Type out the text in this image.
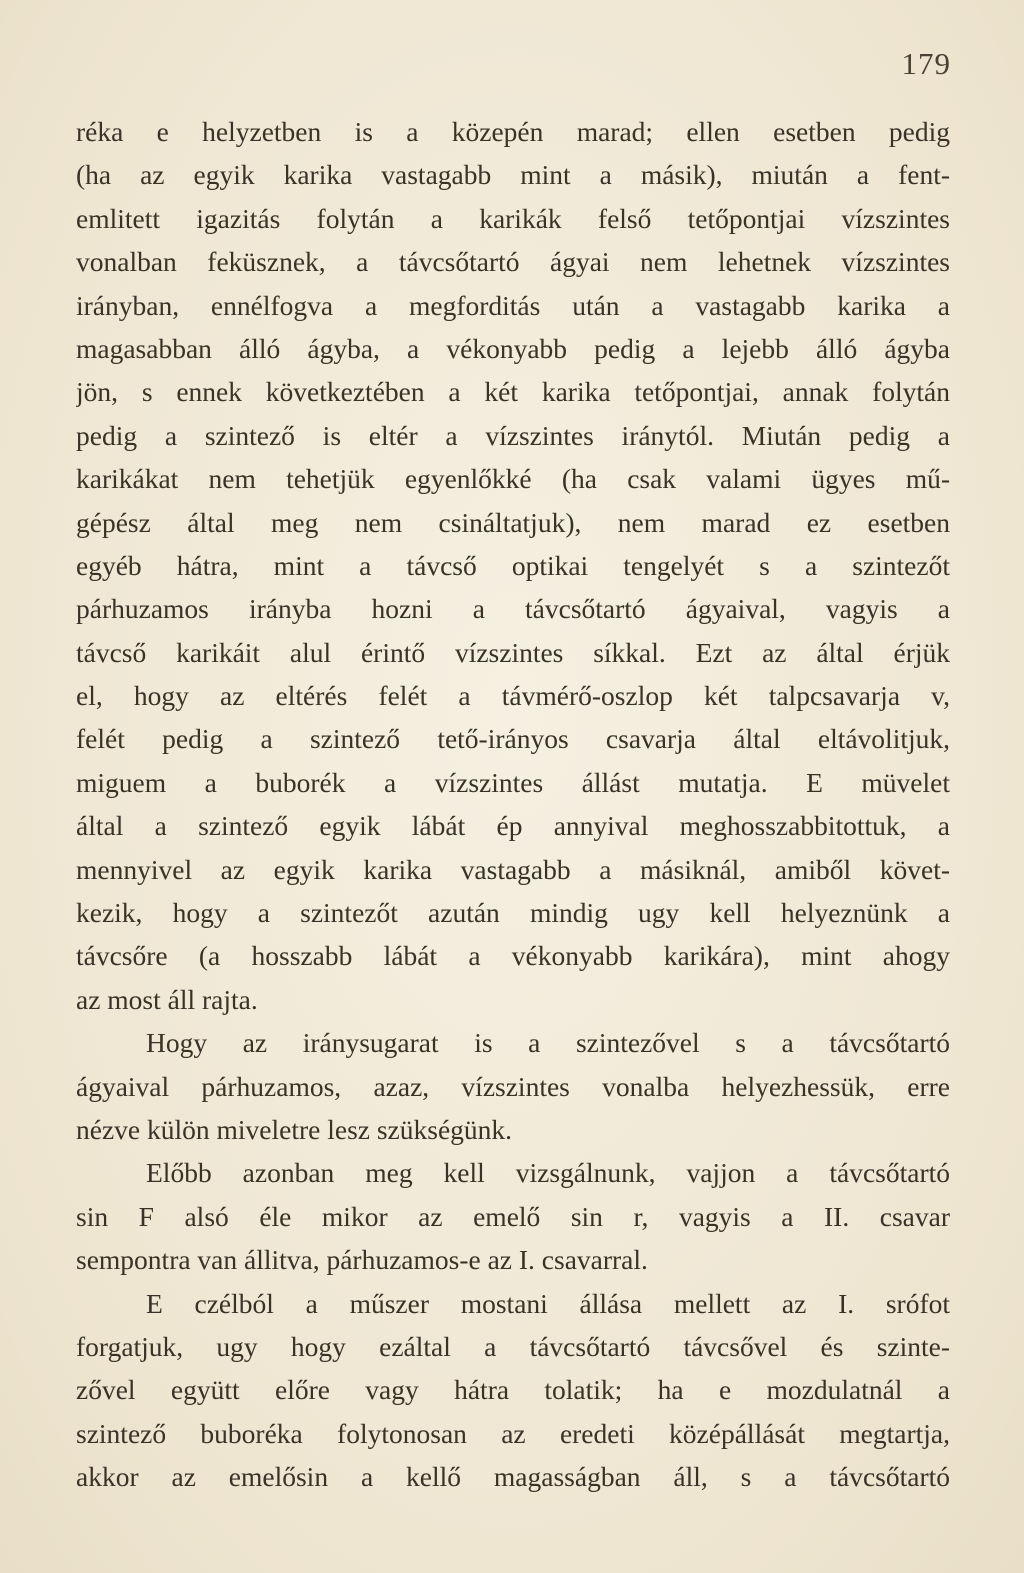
179
réka e helyzetben is a közepén marad; ellen esetben pedig
(ha az egyik karika vastagabb mint a másik), miután a fent-
emlitett igazitás folytán a karikák felső tetőpontjai vízszintes
vonalban feküsznek, a távcsőtartó ágyai nem lehetnek vízszintes
irányban, ennélfogva a megforditás után a vastagabb karika a
magasabban álló ágyba, a vékonyabb pedig a lejebb álló ágyba
jön, s ennek következtében a két karika tetőpontjai, annak folytán
pedig a szintező is eltér a vízszintes iránytól. Miután pedig a
karikákat nem tehetjük egyenlőkké (ha csak valami ügyes mű-
gépész által meg nem csináltatjuk), nem marad ez esetben
egyéb hátra, mint a távcső optikai tengelyét s a szintezőt
párhuzamos irányba hozni a távcsőtartó ágyaival, vagyis a
távcső karikáit alul érintő vízszintes síkkal. Ezt az által érjük
el, hogy az eltérés felét a távmérő-oszlop két talpcsavarja v,
felét pedig a szintező tető-irányos csavarja által eltávolitjuk,
miguem a buborék a vízszintes állást mutatja. E müvelet
által a szintező egyik lábát ép annyival meghosszabbitottuk, a
mennyivel az egyik karika vastagabb a másiknál, amiből követ-
kezik, hogy a szintezőt azután mindig ugy kell helyeznünk a
távcsőre (a hosszabb lábát a vékonyabb karikára), mint ahogy
az most áll rajta.
Hogy az iránysugarat is a szintezővel s a távcsőtartó
ágyaival párhuzamos, azaz, vízszintes vonalba helyezhessük, erre
nézve külön miveletre lesz szükségünk.
Előbb azonban meg kell vizsgálnunk, vajjon a távcsőtartó
sin F alsó éle mikor az emelő sin r, vagyis a II. csavar
sempontra van állitva, párhuzamos-e az I. csavarral.
E czélból a műszer mostani állása mellett az I. srófot
forgatjuk, ugy hogy ezáltal a távcsőtartó távcsővel és szinte-
zővel együtt előre vagy hátra tolatik; ha e mozdulatnál a
szintező buboréka folytonosan az eredeti középállását megtartja,
akkor az emelősin a kellő magasságban áll, s a távcsőtartó
